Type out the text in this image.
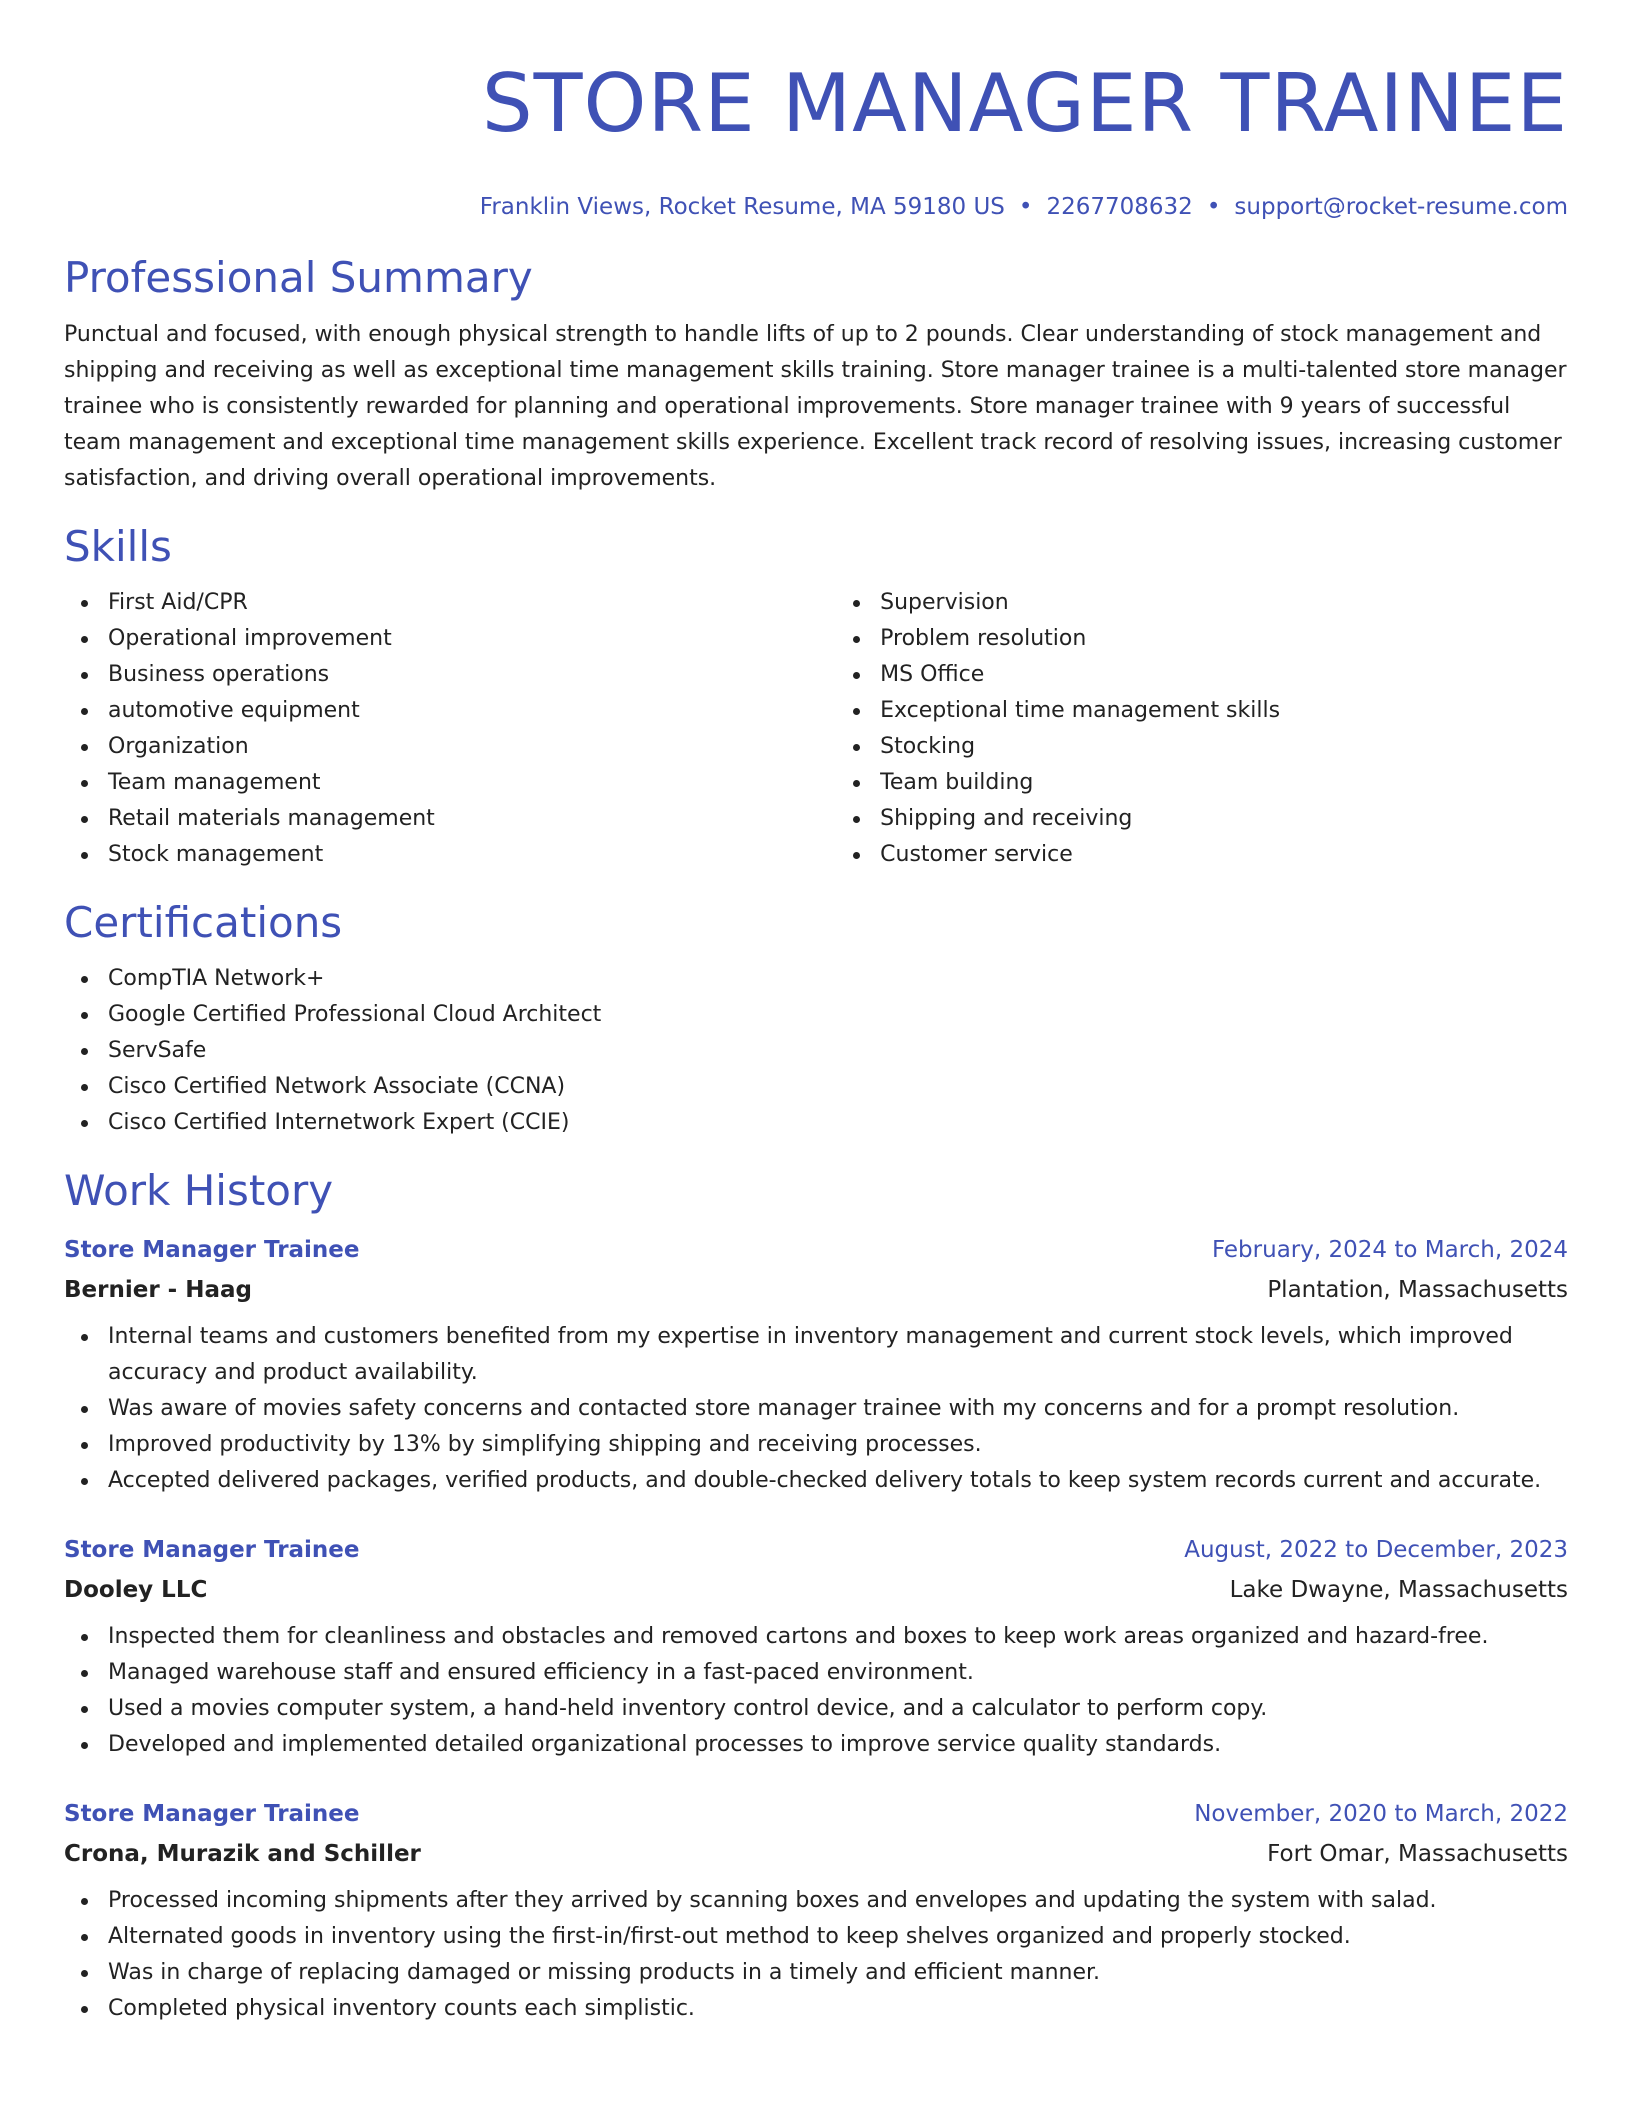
STORE MANAGER TRAINEE
Franklin Views, Rocket Resume, MA 59180 US • 2267708632 • support@rocket-resume.com
Professional Summary

Punctual and focused, with enough physical strength to handle lifts of up to 2 pounds. Clear understanding of stock management and shipping and receiving as well as exceptional time management skills training. Store manager trainee is a multi-talented store manager trainee who is consistently rewarded for planning and operational improvements. Store manager trainee with 9 years of successful team management and exceptional time management skills experience. Excellent track record of resolving issues, increasing customer satisfaction, and driving overall operational improvements.

Skills
First Aid/CPR
Operational improvement
Business operations
automotive equipment
Organization
Team management
Retail materials management
Stock management
Supervision
Problem resolution
MS Office
Exceptional time management skills
Stocking
Team building
Shipping and receiving
Customer service
Certifications
CompTIA Network+
Google Certified Professional Cloud Architect
ServSafe
Cisco Certified Network Associate (CCNA)
Cisco Certified Internetwork Expert (CCIE)
Work History
Store Manager Trainee	February, 2024 to March, 2024
Bernier - Haag	Plantation, Massachusetts
Internal teams and customers benefited from my expertise in inventory management and current stock levels, which improved accuracy and product availability.
Was aware of movies safety concerns and contacted store manager trainee with my concerns and for a prompt resolution.
Improved productivity by 13% by simplifying shipping and receiving processes.
Accepted delivered packages, verified products, and double-checked delivery totals to keep system records current and accurate.
Store Manager Trainee	August, 2022 to December, 2023
Dooley LLC	Lake Dwayne, Massachusetts
Inspected them for cleanliness and obstacles and removed cartons and boxes to keep work areas organized and hazard-free.
Managed warehouse staff and ensured efficiency in a fast-paced environment.
Used a movies computer system, a hand-held inventory control device, and a calculator to perform copy.
Developed and implemented detailed organizational processes to improve service quality standards.
Store Manager Trainee	November, 2020 to March, 2022
Crona, Murazik and Schiller	Fort Omar, Massachusetts
Processed incoming shipments after they arrived by scanning boxes and envelopes and updating the system with salad.
Alternated goods in inventory using the first-in/first-out method to keep shelves organized and properly stocked.
Was in charge of replacing damaged or missing products in a timely and efficient manner.
Completed physical inventory counts each simplistic.
